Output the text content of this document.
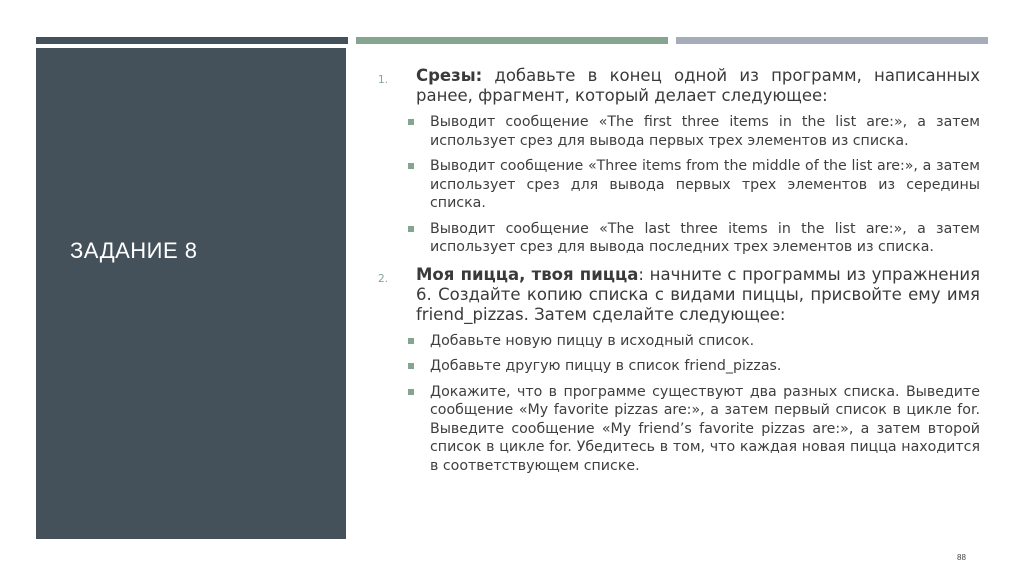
ЗАДАНИЕ 8
1. Срезы: добавьте в конец одной из программ, написанных ранее, фрагмент, который делает следующее:
Выводит сообщение «The first three items in the list are:», а затем использует срез для вывода первых трех элементов из списка.
Выводит сообщение «Three items from the middle of the list are:», а затем использует срез для вывода первых трех элементов из середины списка.
Выводит сообщение «The last three items in the list are:», а затем использует срез для вывода последних трех элементов из списка.
2. Моя пицца, твоя пицца: начните с программы из упражнения 6. Создайте копию списка с видами пиццы, присвойте ему имя friend_pizzas. Затем сделайте следующее:
Добавьте новую пиццу в исходный список.
Добавьте другую пиццу в список friend_pizzas.
Докажите, что в программе существуют два разных списка. Выведите сообщение «My favorite pizzas are:», а затем первый список в цикле for. Выведите сообщение «My friend’s favorite pizzas are:», а затем второй список в цикле for. Убедитесь в том, что каждая новая пицца находится в соответствующем списке.
88
